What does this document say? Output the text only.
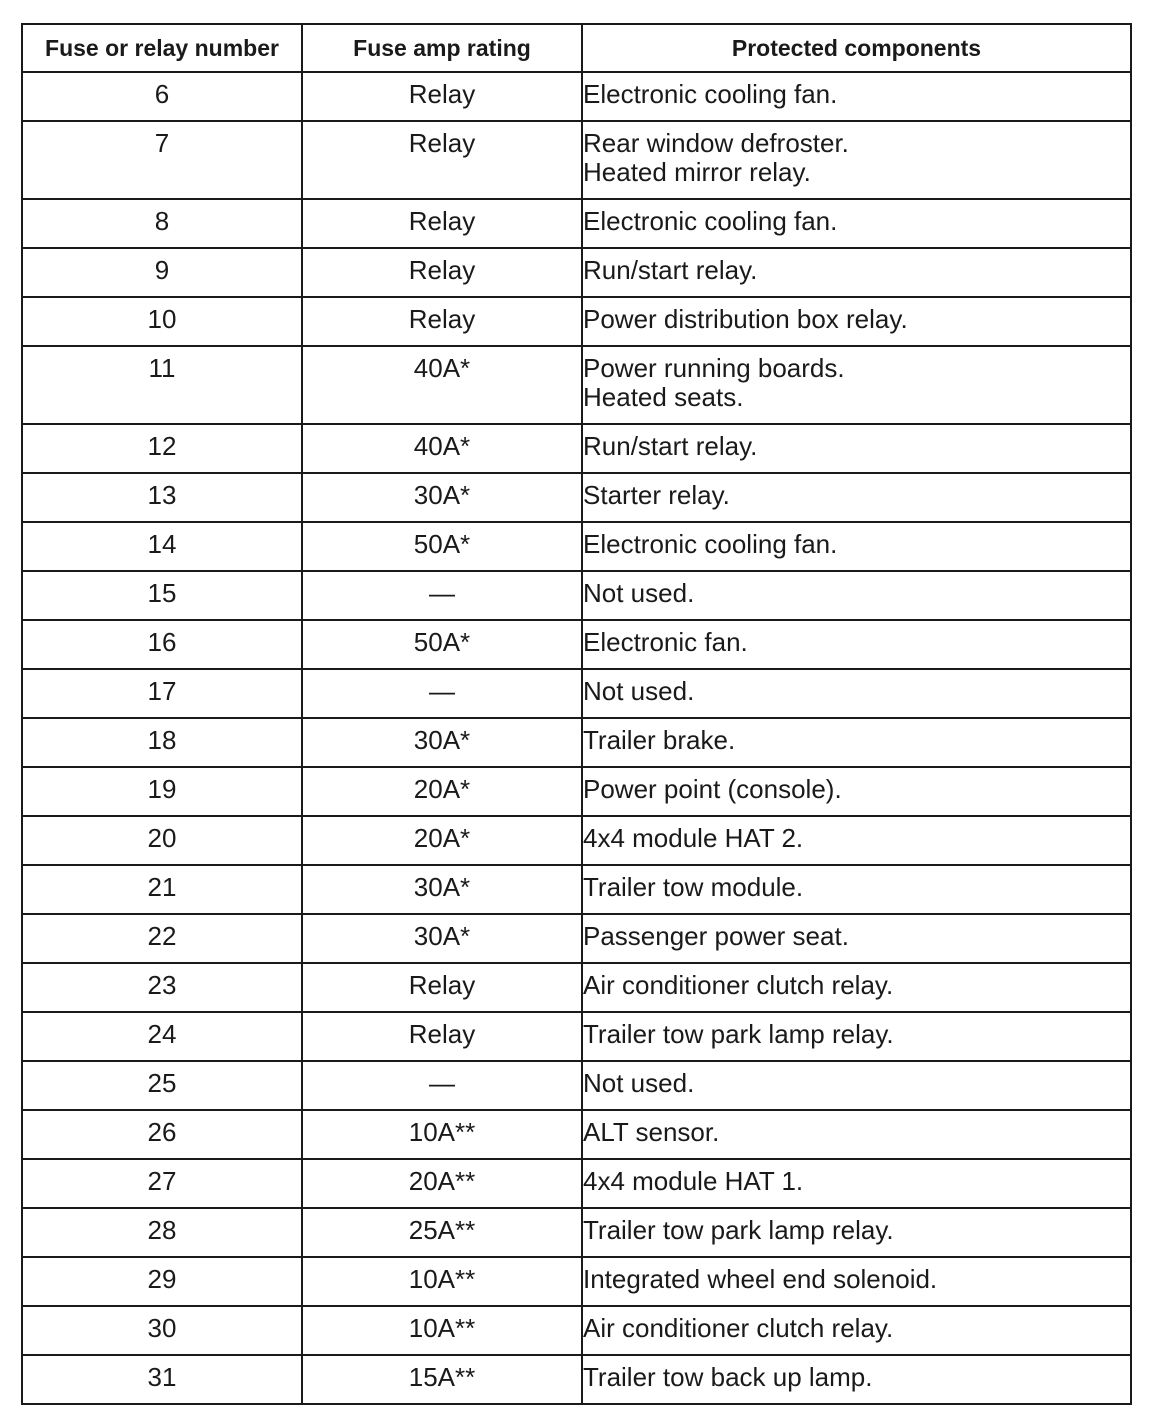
Fuse or relay number	Fuse amp rating	Protected components
6	Relay	Electronic cooling fan.

7	Relay	Rear window defroster.
Heated mirror relay.

8	Relay	Electronic cooling fan.

9	Relay	Run/start relay.

10	Relay	Power distribution box relay.

11	40A*	Power running boards.
Heated seats.

12	40A*	Run/start relay.

13	30A*	Starter relay.

14	50A*	Electronic cooling fan.

15	—	Not used.

16	50A*	Electronic fan.

17	—	Not used.

18	30A*	Trailer brake.

19	20A*	Power point (console).

20	20A*	4x4 module HAT 2.

21	30A*	Trailer tow module.

22	30A*	Passenger power seat.

23	Relay	Air conditioner clutch relay.

24	Relay	Trailer tow park lamp relay.

25	—	Not used.

26	10A**	ALT sensor.

27	20A**	4x4 module HAT 1.

28	25A**	Trailer tow park lamp relay.

29	10A**	Integrated wheel end solenoid.

30	10A**	Air conditioner clutch relay.

31	15A**	Trailer tow back up lamp.
